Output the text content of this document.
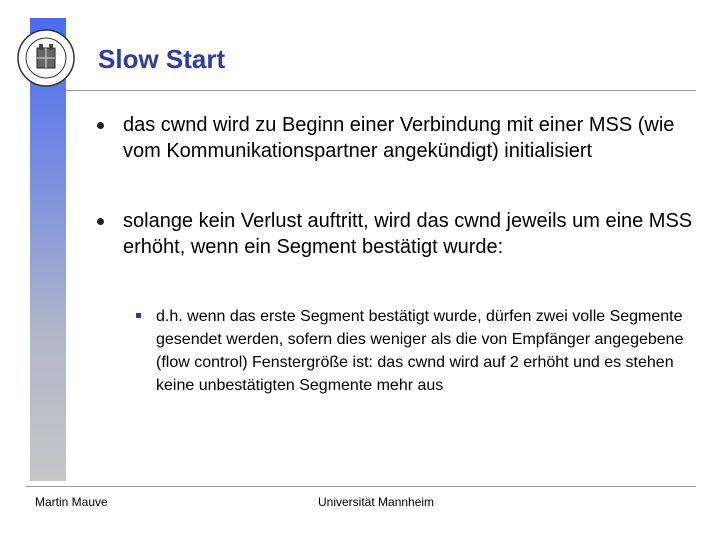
Slow Start
das cwnd wird zu Beginn einer Verbindung mit einer MSS (wie vom Kommunikationspartner angekündigt) initialisiert
solange kein Verlust auftritt, wird das cwnd jeweils um eine MSS erhöht, wenn ein Segment bestätigt wurde:
d.h. wenn das erste Segment bestätigt wurde, dürfen zwei volle Segmente gesendet werden, sofern dies weniger als die von Empfänger angegebene (flow control) Fenstergröße ist: das cwnd wird auf 2 erhöht und es stehen keine unbestätigten Segmente mehr aus
Martin Mauve	Universität Mannheim
